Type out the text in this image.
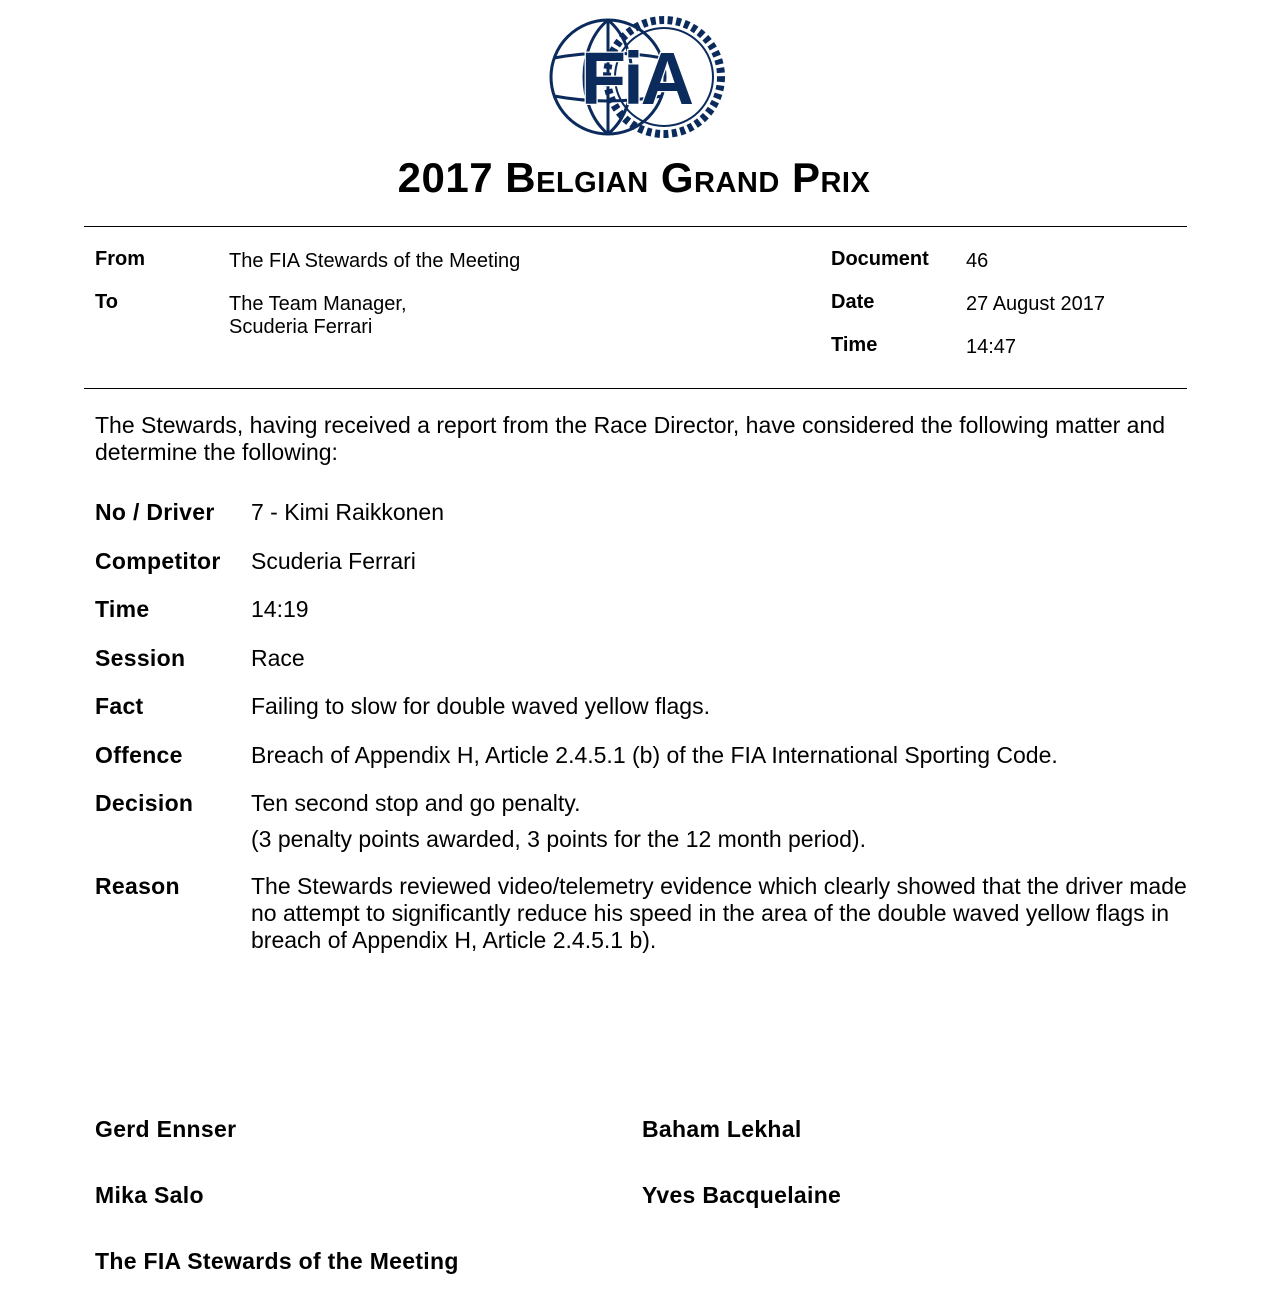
FiA
2017 Belgian Grand Prix
From	The FIA Stewards of the Meeting
To	The Team Manager,
Scuderia Ferrari
Document 46
Date	27 August 2017
Time	14:47
The Stewards, having received a report from the Race Director, have considered the following matter and determine the following:
No / Driver 7 - Kimi Raikkonen
Competitor Scuderia Ferrari
Time	14:19
Session	Race
Fact	Failing to slow for double waved yellow flags.
Offence	Breach of Appendix H, Article 2.4.5.1 (b) of the FIA International Sporting Code.
Decision	Ten second stop and go penalty.
(3 penalty points awarded, 3 points for the 12 month period).
Reason	The Stewards reviewed video/telemetry evidence which clearly showed that the driver made no attempt to significantly reduce his speed in the area of the double waved yellow flags in breach of Appendix H, Article 2.4.5.1 b).
Gerd Ennser	Baham Lekhal
Mika Salo	Yves Bacquelaine
The FIA Stewards of the Meeting
